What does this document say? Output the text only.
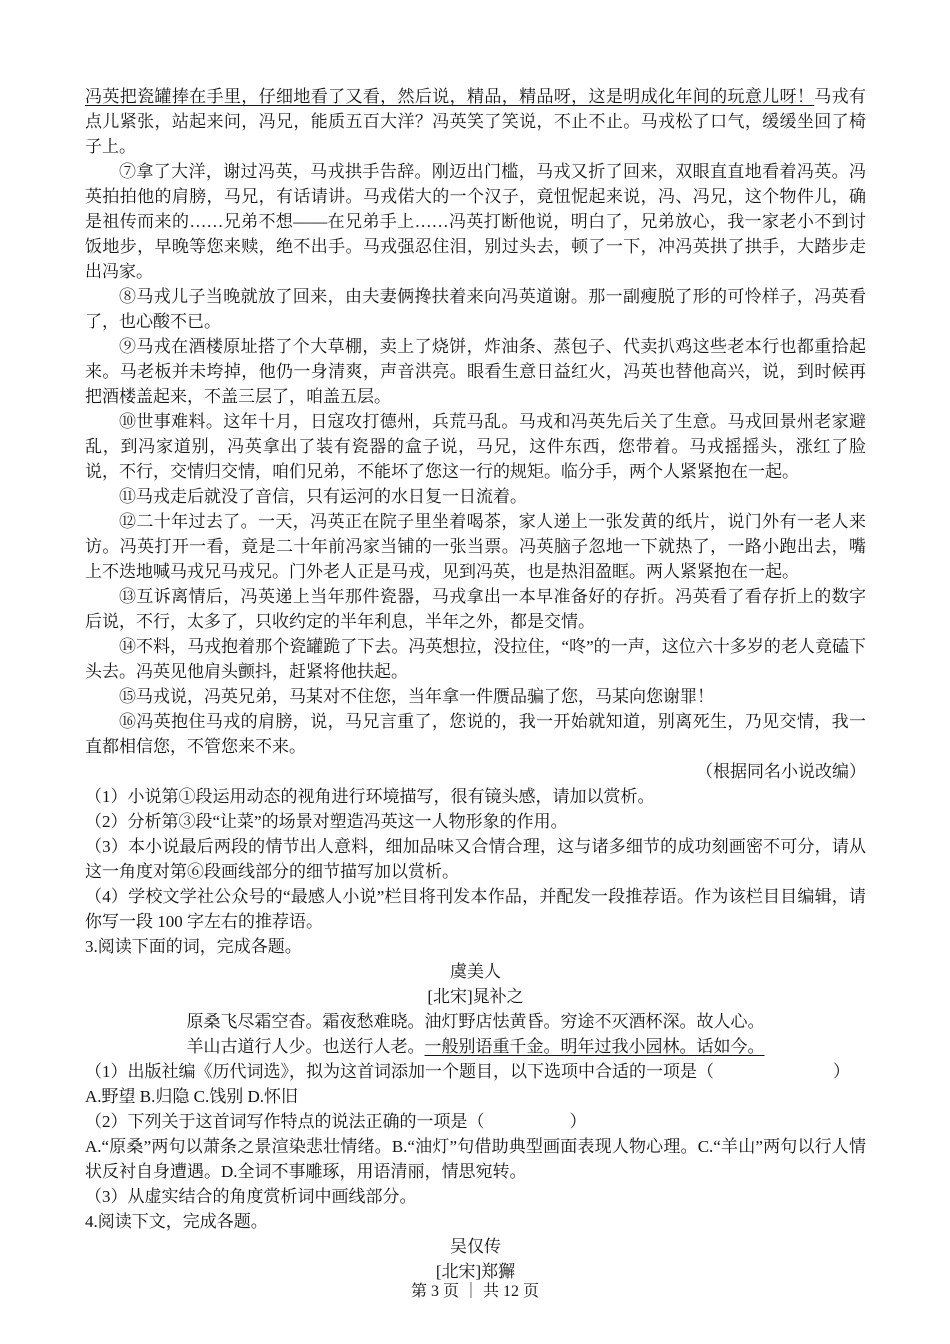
冯英把瓷罐捧在手里，仔细地看了又看，然后说，精品，精品呀，这是明成化年间的玩意儿呀！马戎有点儿紧张，站起来问，冯兄，能质五百大洋？冯英笑了笑说，不止不止。马戎松了口气，缓缓坐回了椅子上。

⑦拿了大洋，谢过冯英，马戎拱手告辞。刚迈出门槛，马戎又折了回来，双眼直直地看着冯英。冯英拍拍他的肩膀，马兄，有话请讲。马戎偌大的一个汉子，竟忸怩起来说，冯、冯兄，这个物件儿，确是祖传而来的……兄弟不想——在兄弟手上……冯英打断他说，明白了，兄弟放心，我一家老小不到讨饭地步，早晚等您来赎，绝不出手。马戎强忍住泪，别过头去，顿了一下，冲冯英拱了拱手，大踏步走出冯家。

⑧马戎儿子当晚就放了回来，由夫妻俩搀扶着来向冯英道谢。那一副瘦脱了形的可怜样子，冯英看了，也心酸不已。

⑨马戎在酒楼原址搭了个大草棚，卖上了烧饼，炸油条、蒸包子、代卖扒鸡这些老本行也都重拾起来。马老板并未垮掉，他仍一身清爽，声音洪亮。眼看生意日益红火，冯英也替他高兴，说，到时候再把酒楼盖起来，不盖三层了，咱盖五层。

⑩世事难料。这年十月，日寇攻打德州，兵荒马乱。马戎和冯英先后关了生意。马戎回景州老家避乱，到冯家道别，冯英拿出了装有瓷器的盒子说，马兄，这件东西，您带着。马戎摇摇头，涨红了脸说，不行，交情归交情，咱们兄弟，不能坏了您这一行的规矩。临分手，两个人紧紧抱在一起。

⑪马戎走后就没了音信，只有运河的水日复一日流着。

⑫二十年过去了。一天，冯英正在院子里坐着喝茶，家人递上一张发黄的纸片，说门外有一老人来访。冯英打开一看，竟是二十年前冯家当铺的一张当票。冯英脑子忽地一下就热了，一路小跑出去，嘴上不迭地喊马戎兄马戎兄。门外老人正是马戎，见到冯英，也是热泪盈眶。两人紧紧抱在一起。

⑬互诉离情后，冯英递上当年那件瓷器，马戎拿出一本早准备好的存折。冯英看了看存折上的数字后说，不行，太多了，只收约定的半年利息，半年之外，都是交情。

⑭不料，马戎抱着那个瓷罐跪了下去。冯英想拉，没拉住，“咚”的一声，这位六十多岁的老人竟磕下头去。冯英见他肩头颤抖，赶紧将他扶起。

⑮马戎说，冯英兄弟，马某对不住您，当年拿一件赝品骗了您，马某向您谢罪！

⑯冯英抱住马戎的肩膀，说，马兄言重了，您说的，我一开始就知道，别离死生，乃见交情，我一直都相信您，不管您来不来。

（根据同名小说改编）

（1）小说第①段运用动态的视角进行环境描写，很有镜头感，请加以赏析。

（2）分析第③段“让菜”的场景对塑造冯英这一人物形象的作用。

（3）本小说最后两段的情节出人意料，细加品味又合情合理，这与诸多细节的成功刻画密不可分，请从这一角度对第⑥段画线部分的细节描写加以赏析。

（4）学校文学社公众号的“最感人小说”栏目将刊发本作品，并配发一段推荐语。作为该栏目目编辑，请你写一段 100 字左右的推荐语。

3.阅读下面的词，完成各题。

虞美人

[北宋]晁补之

原桑飞尽霜空杳。霜夜愁难晓。油灯野店怯黄昏。穷途不灭酒杯深。故人心。

羊山古道行人少。也送行人老。一般别语重千金。明年过我小园林。话如今。

（1）出版社编《历代词选》，拟为这首词添加一个题目，以下选项中合适的一项是（　　　　　　　）

A.野望 B.归隐 C.饯别 D.怀旧

（2）下列关于这首词写作特点的说法正确的一项是（　　　　　）

A.“原桑”两句以萧条之景渲染悲壮情绪。B.“油灯”句借助典型画面表现人物心理。C.“羊山”两句以行人情状反衬自身遭遇。D.全词不事雕琢，用语清丽，情思宛转。

（3）从虚实结合的角度赏析词中画线部分。

4.阅读下文，完成各题。

吴仅传

[北宋]郑獬

第 3 页 ｜ 共 12 页
